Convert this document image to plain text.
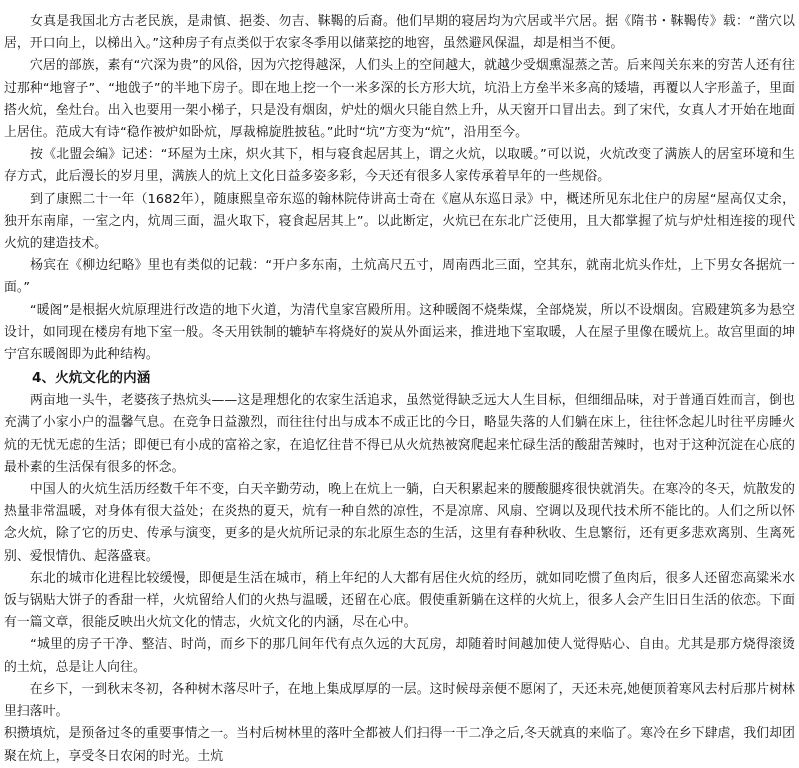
　　女真是我国北方古老民族，是肃慎、挹娄、勿吉、靺鞨的后裔。他们早期的寝居均为穴居或半穴居。据《隋书・靺鞨传》载：“凿穴以居，开口向上，以梯出入。”这种房子有点类似于农家冬季用以储菜挖的地窖，虽然避风保温，却是相当不便。

　　穴居的部族，素有“穴深为贵”的风俗，因为穴挖得越深，人们头上的空间越大，就越少受烟熏湿蒸之苦。后来闯关东来的穷苦人还有往过那种“地窨子”、“地戗子”的半地下房子。即在地上挖一个一米多深的长方形大坑，坑沿上方垒半米多高的矮墙，再覆以人字形盖子，里面搭火炕，垒灶台。出入也要用一架小梯子，只是没有烟囱，炉灶的烟火只能自然上升，从天窗开口冒出去。到了宋代，女真人才开始在地面上居住。范成大有诗“稳作被炉如卧炕，厚裁棉旋胜披毡。”此时“坑”方变为“炕”，沿用至今。

　　按《北盟会编》记述：“环屋为土床，炽火其下，相与寝食起居其上，谓之火炕，以取暖。”可以说，火炕改变了满族人的居室环境和生存方式，此后漫长的岁月里，满族人的炕上文化日益多姿多彩，今天还有很多人家传承着早年的一些规俗。

　　到了康熙二十一年（1682年），随康熙皇帝东巡的翰林院侍讲高士奇在《扈从东巡日录》中，概述所见东北住户的房屋“屋高仅丈余，独开东南扉，一室之内，炕周三面，温火取下，寝食起居其上”。以此断定，火炕已在东北广泛使用，且大都掌握了炕与炉灶相连接的现代火炕的建造技术。

　　杨宾在《柳边纪略》里也有类似的记载：“开户多东南，土炕高尺五寸，周南西北三面，空其东，就南北炕头作灶，上下男女各据炕一面。”

　　“暖阁”是根据火炕原理进行改造的地下火道，为清代皇家宫殿所用。这种暖阁不烧柴煤，全部烧炭，所以不设烟囱。宫殿建筑多为悬空设计，如同现在楼房有地下室一般。冬天用铁制的辘轳车将烧好的炭从外面运来，推进地下室取暖，人在屋子里像在暖炕上。故宫里面的坤宁宫东暖阁即为此种结构。

4、火炕文化的内涵

　　两亩地一头牛，老婆孩子热炕头——这是理想化的农家生活追求，虽然觉得缺乏远大人生目标，但细细品味，对于普通百姓而言，倒也充满了小家小户的温馨气息。在竞争日益激烈，而往往付出与成本不成正比的今日，略显失落的人们躺在床上，往往怀念起儿时往平房睡火炕的无忧无虑的生活；即便已有小成的富裕之家，在追忆往昔不得已从火炕热被窝爬起来忙碌生活的酸甜苦辣时，也对于这种沉淀在心底的最朴素的生活保有很多的怀念。

　　中国人的火炕生活历经数千年不变，白天辛勤劳动，晚上在炕上一躺，白天积累起来的腰酸腿疼很快就消失。在寒冷的冬天，炕散发的热量非常温暖，对身体有很大益处；在炎热的夏天，炕有一种自然的凉性，不是凉席、风扇、空调以及现代技术所不能比的。人们之所以怀念火炕，除了它的历史、传承与演变，更多的是火炕所记录的东北原生态的生活，这里有春种秋收、生息繁衍，还有更多悲欢离别、生离死别、爱恨情仇、起落盛衰。

　　东北的城市化进程比较缓慢，即便是生活在城市，稍上年纪的人大都有居住火炕的经历，就如同吃惯了鱼肉后，很多人还留恋高粱米水饭与锅贴大饼子的香甜一样，火炕留给人们的火热与温暖，还留在心底。假使重新躺在这样的火炕上，很多人会产生旧日生活的依恋。下面有一篇文章，很能反映出火炕文化的情志，火炕文化的内涵，尽在心中。

　　“城里的房子干净、整洁、时尚，而乡下的那几间年代有点久远的大瓦房，却随着时间越加使人觉得贴心、自由。尤其是那方烧得滚烫的土炕，总是让人向往。

　　在乡下，一到秋末冬初，各种树木落尽叶子，在地上集成厚厚的一层。这时候母亲便不愿闲了，天还未亮,她便顶着寒风去村后那片树林里扫落叶。

积攒填炕，是预备过冬的重要事情之一。当村后树林里的落叶全都被人们扫得一干二净之后,冬天就真的来临了。寒冷在乡下肆虐，我们却团聚在炕上，享受冬日农闲的时光。土炕
